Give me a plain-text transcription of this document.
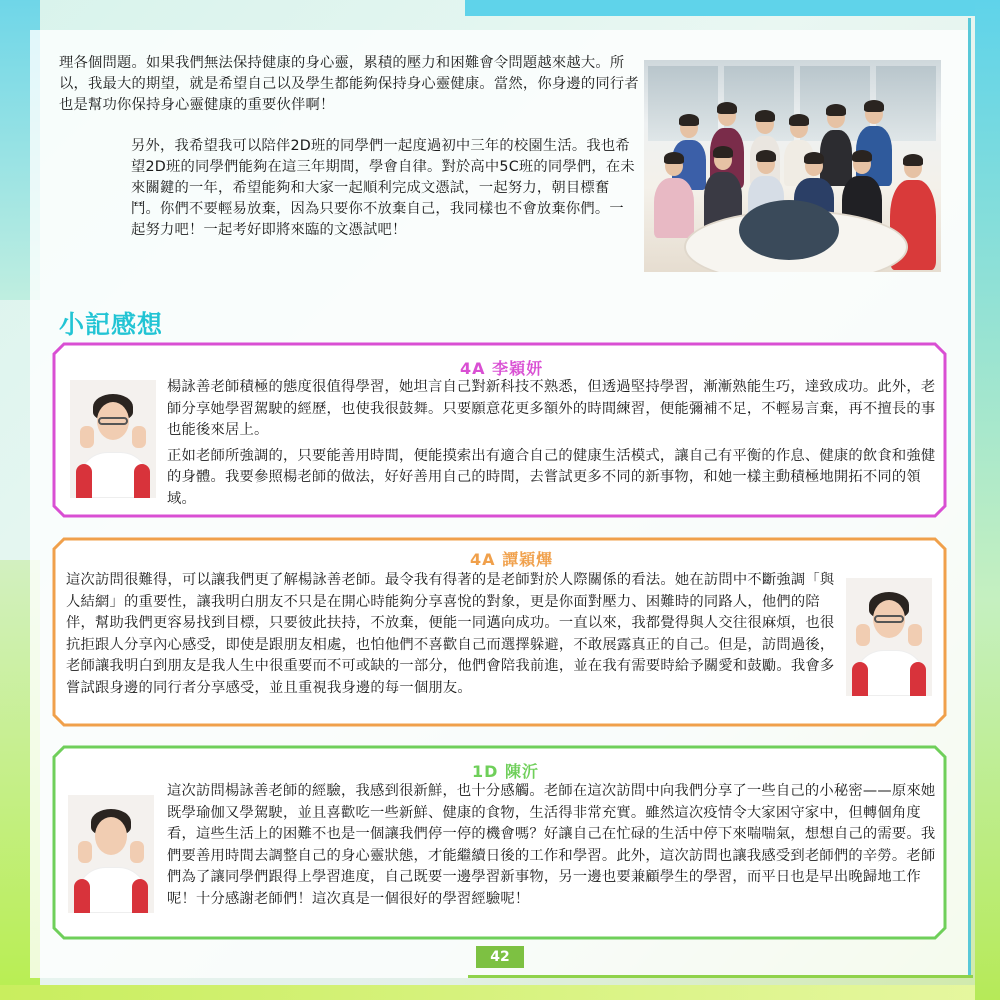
理各個問題。如果我們無法保持健康的身心靈，累積的壓力和困難會令問題越來越大。所以，我最大的期望，就是希望自己以及學生都能夠保持身心靈健康。當然，你身邊的同行者也是幫功你保持身心靈健康的重要伙伴啊！

另外，我希望我可以陪伴2D班的同學們一起度過初中三年的校園生活。我也希望2D班的同學們能夠在這三年期間，學會自律。對於高中5C班的同學們，在未來關鍵的一年，希望能夠和大家一起順利完成文憑試，一起努力，朝目標奮鬥。你們不要輕易放棄，因為只要你不放棄自己，我同樣也不會放棄你們。一起努力吧！一起考好即將來臨的文憑試吧！

小記感想
4A 李穎妍

楊詠善老師積極的態度很值得學習，她坦言自己對新科技不熟悉，但透過堅持學習，漸漸熟能生巧，達致成功。此外，老師分享她學習駕駛的經歷，也使我很鼓舞。只要願意花更多額外的時間練習，便能彌補不足，不輕易言棄，再不擅長的事也能後來居上。

正如老師所強調的，只要能善用時間，便能摸索出有適合自己的健康生活模式，讓自己有平衡的作息、健康的飲食和強健的身體。我要參照楊老師的做法，好好善用自己的時間，去嘗試更多不同的新事物，和她一樣主動積極地開拓不同的領域。

4A 譚穎熚

這次訪問很難得，可以讓我們更了解楊詠善老師。最令我有得著的是老師對於人際關係的看法。她在訪問中不斷強調「與人結網」的重要性，讓我明白朋友不只是在開心時能夠分享喜悅的對象，更是你面對壓力、困難時的同路人，他們的陪伴，幫助我們更容易找到目標，只要彼此扶持，不放棄，便能一同邁向成功。一直以來，我都覺得與人交往很麻煩，也很抗拒跟人分享內心感受，即使是跟朋友相處，也怕他們不喜歡自己而選擇躲避，不敢展露真正的自己。但是，訪問過後，老師讓我明白到朋友是我人生中很重要而不可或缺的一部分，他們會陪我前進，並在我有需要時給予關愛和鼓勵。我會多嘗試跟身邊的同行者分享感受，並且重視我身邊的每一個朋友。

1D 陳沂

這次訪問楊詠善老師的經驗，我感到很新鮮，也十分感觸。老師在這次訪問中向我們分享了一些自己的小秘密——原來她既學瑜伽又學駕駛，並且喜歡吃一些新鮮、健康的食物，生活得非常充實。雖然這次疫情令大家困守家中，但轉個角度看，這些生活上的困難不也是一個讓我們停一停的機會嗎？好讓自己在忙碌的生活中停下來喘喘氣，想想自己的需要。我們要善用時間去調整自己的身心靈狀態，才能繼續日後的工作和學習。此外，這次訪問也讓我感受到老師們的辛勞。老師們為了讓同學們跟得上學習進度，自己既要一邊學習新事物，另一邊也要兼顧學生的學習，而平日也是早出晚歸地工作呢！十分感謝老師們！這次真是一個很好的學習經驗呢！

42
